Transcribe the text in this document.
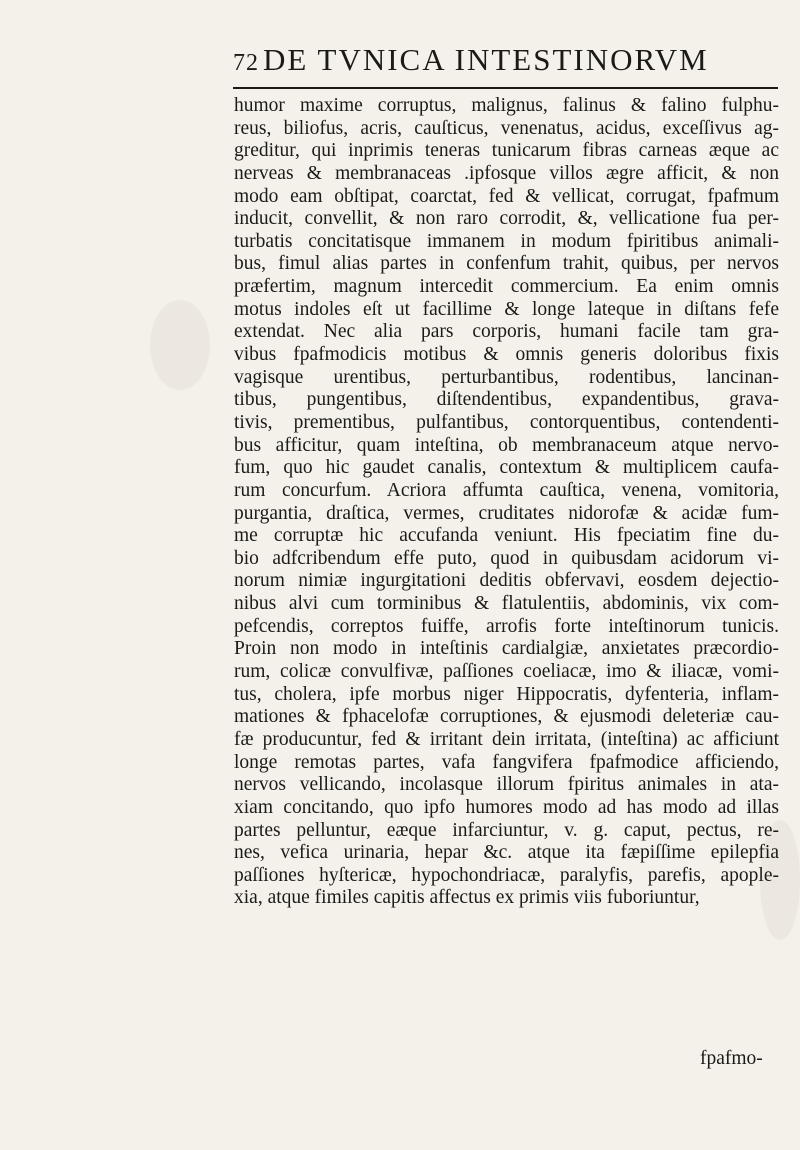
72 DE TVNICA INTESTINORVM
humor maxime corruptus, malignus, falinus & falino fulphu-
reus, biliofus, acris, cauſticus, venenatus, acidus, exceſſivus ag-
greditur, qui inprimis teneras tunicarum fibras carneas æque ac
nerveas & membranaceas .ipfosque villos ægre afficit, & non
modo eam obſtipat, coarctat, fed & vellicat, corrugat, fpafmum
inducit, convellit, & non raro corrodit, &, vellicatione fua per-
turbatis concitatisque immanem in modum fpiritibus animali-
bus, fimul alias partes in confenfum trahit, quibus, per nervos
præfertim, magnum intercedit commercium. Ea enim omnis
motus indoles eſt ut facillime & longe lateque in diſtans fefe
extendat. Nec alia pars corporis, humani facile tam gra-
vibus fpafmodicis motibus & omnis generis doloribus fixis
vagisque urentibus, perturbantibus, rodentibus, lancinan-
tibus, pungentibus, diſtendentibus, expandentibus, grava-
tivis, prementibus, pulfantibus, contorquentibus, contendenti-
bus afficitur, quam inteſtina, ob membranaceum atque nervo-
fum, quo hic gaudet canalis, contextum & multiplicem caufa-
rum concurfum. Acriora affumta cauſtica, venena, vomitoria,
purgantia, draſtica, vermes, cruditates nidorofæ & acidæ fum-
me corruptæ hic accufanda veniunt. His fpeciatim fine du-
bio adfcribendum effe puto, quod in quibusdam acidorum vi-
norum nimiæ ingurgitationi deditis obfervavi, eosdem dejectio-
nibus alvi cum torminibus & flatulentiis, abdominis, vix com-
pefcendis, correptos fuiffe, arrofis forte inteſtinorum tunicis.
Proin non modo in inteſtinis cardialgiæ, anxietates præcordio-
rum, colicæ convulfivæ, paſſiones coeliacæ, imo & iliacæ, vomi-
tus, cholera, ipfe morbus niger Hippocratis, dyfenteria, inflam-
mationes & fphacelofæ corruptiones, & ejusmodi deleteriæ cau-
fæ producuntur, fed & irritant dein irritata, (inteſtina) ac afficiunt
longe remotas partes, vafa fangvifera fpafmodice afficiendo,
nervos vellicando, incolasque illorum fpiritus animales in ata-
xiam concitando, quo ipfo humores modo ad has modo ad illas
partes pelluntur, eæque infarciuntur, v. g. caput, pectus, re-
nes, vefica urinaria, hepar &c. atque ita fæpiſſime epilepfia
paſſiones hyſtericæ, hypochondriacæ, paralyfis, parefis, apople-
xia, atque fimiles capitis affectus ex primis viis fuboriuntur,
fpafmo-
